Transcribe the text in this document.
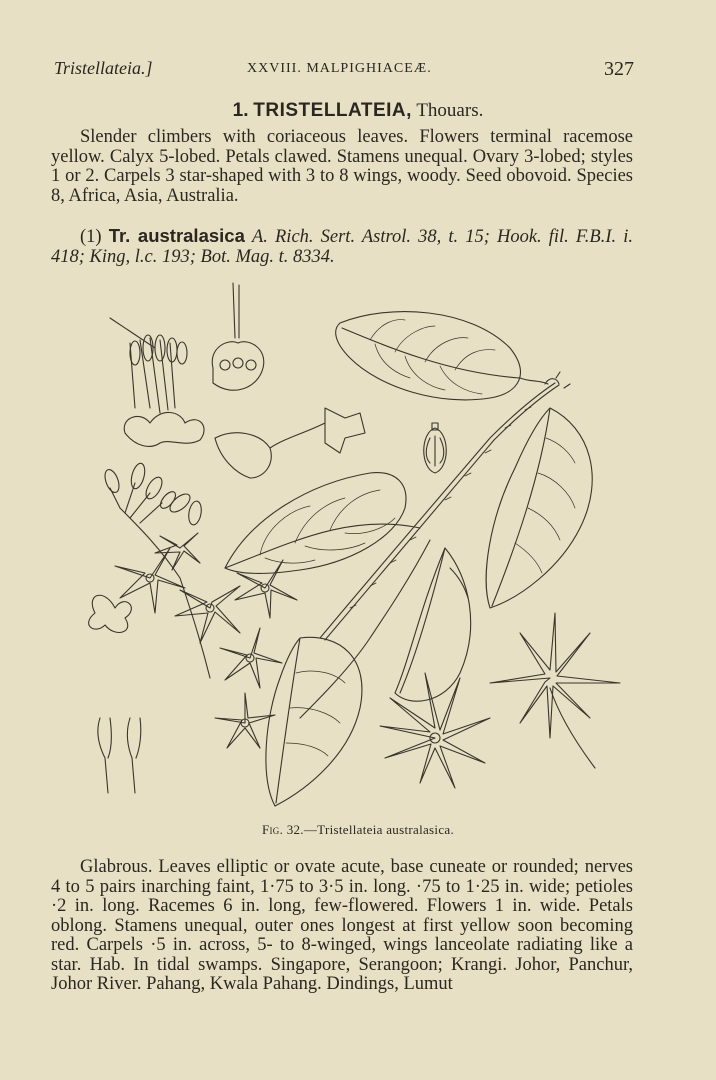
Tristellateia.]	XXVIII. MALPIGHIACEÆ.	327
1. TRISTELLATEIA, Thouars.

Slender climbers with coriaceous leaves. Flowers terminal racemose yellow. Calyx 5-lobed. Petals clawed. Stamens unequal. Ovary 3-lobed; styles 1 or 2. Carpels 3 star-shaped with 3 to 8 wings, woody. Seed obovoid. Species 8, Africa, Asia, Australia.

(1) Tr. australasica A. Rich. Sert. Astrol. 38, t. 15; Hook. fil. F.B.I. i. 418; King, l.c. 193; Bot. Mag. t. 8334.

Fig. 32.—Tristellateia australasica.

Glabrous. Leaves elliptic or ovate acute, base cuneate or rounded; nerves 4 to 5 pairs inarching faint, 1·75 to 3·5 in. long. ·75 to 1·25 in. wide; petioles ·2 in. long. Racemes 6 in. long, few-flowered. Flowers 1 in. wide. Petals oblong. Stamens unequal, outer ones longest at first yellow soon becoming red. Carpels ·5 in. across, 5- to 8-winged, wings lanceolate radiating like a star. Hab. In tidal swamps. Singapore, Serangoon; Krangi. Johor, Panchur, Johor River. Pahang, Kwala Pahang. Dindings, Lumut
